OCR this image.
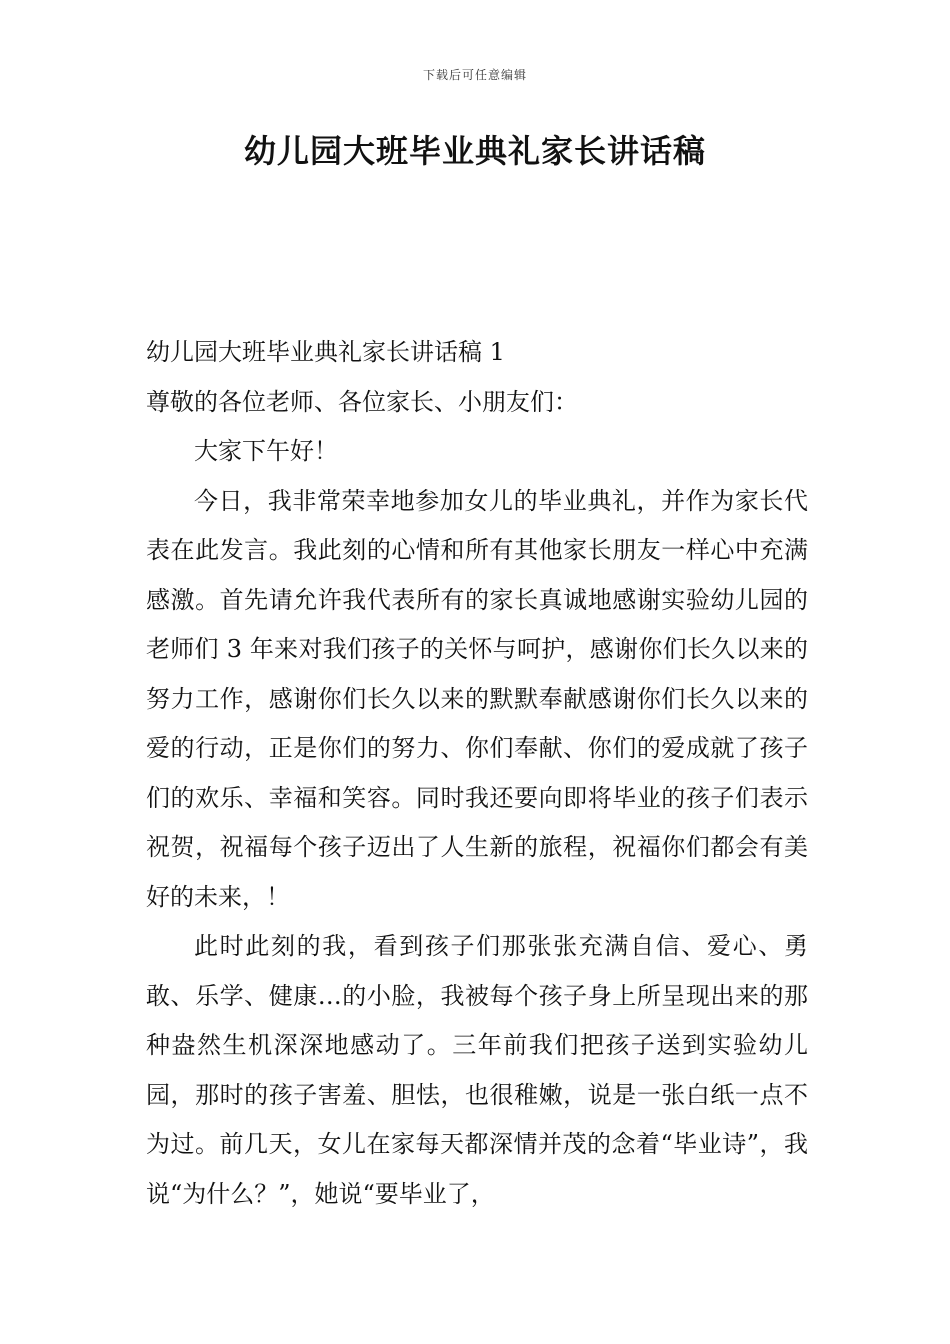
下载后可任意编辑
幼儿园大班毕业典礼家长讲话稿

幼儿园大班毕业典礼家长讲话稿 1

尊敬的各位老师、各位家长、小朋友们：

大家下午好！

今日，我非常荣幸地参加女儿的毕业典礼，并作为家长代表在此发言。我此刻的心情和所有其他家长朋友一样心中充满感激。首先请允许我代表所有的家长真诚地感谢实验幼儿园的老师们 3 年来对我们孩子的关怀与呵护，感谢你们长久以来的努力工作，感谢你们长久以来的默默奉献感谢你们长久以来的爱的行动，正是你们的努力、你们奉献、你们的爱成就了孩子们的欢乐、幸福和笑容。同时我还要向即将毕业的孩子们表示祝贺，祝福每个孩子迈出了人生新的旅程，祝福你们都会有美好的未来，！

此时此刻的我，看到孩子们那张张充满自信、爱心、勇敢、乐学、健康…的小脸，我被每个孩子身上所呈现出来的那种盎然生机深深地感动了。三年前我们把孩子送到实验幼儿园，那时的孩子害羞、胆怯，也很稚嫩，说是一张白纸一点不为过。前几天，女儿在家每天都深情并茂的念着“毕业诗”，我说“为什么？”，她说“要毕业了，
